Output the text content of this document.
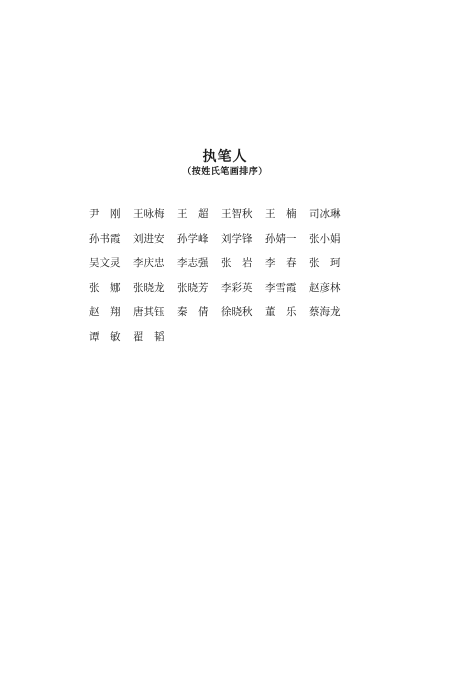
执笔人
（按姓氏笔画排序）
尹　刚	王咏梅	王　超	王智秋	王　楠	司冰琳
孙书霞	刘进安	孙学峰	刘学锋	孙婧一	张小娟
吴文灵	李庆忠	李志强	张　岩	李　春	张　珂
张　娜	张晓龙	张晓芳	李彩英	李雪霞	赵彦林
赵　翔	唐其钰	秦　倩	徐晓秋	董　乐	蔡海龙
谭　敏	翟　韬
